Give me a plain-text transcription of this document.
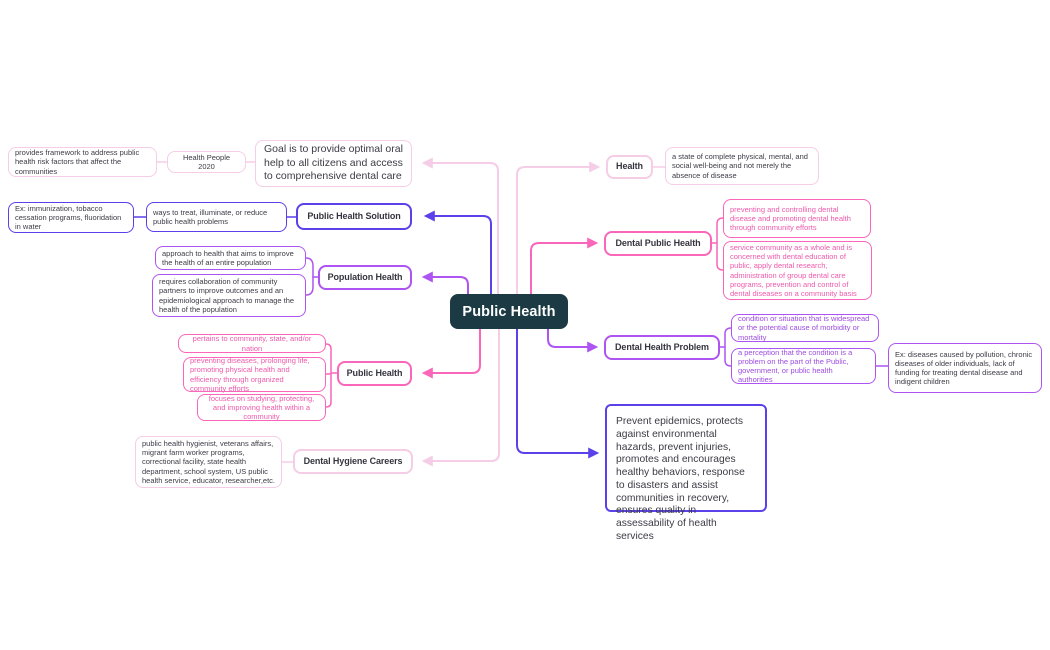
provides framework to address public health risk factors that affect the communities
Health People 2020
Goal is to provide optimal oral help to all citizens and access to comprehensive dental care
Ex: immunization, tobacco cessation programs, fluoridation in water
ways to treat, illuminate, or reduce public health problems
Public Health Solution
approach to health that aims to improve the health of an entire population
requires collaboration of community partners to improve outcomes and an epidemiological approach to manage the health of the population
Population Health
pertains to community, state, and/or nation
preventing diseases, prolonging life, promoting physical health and efficiency through organized community efforts
focuses on studying, protecting, and improving health within a community
Public Health
public health hygienist, veterans affairs, migrant farm worker programs, correctional facility, state health department, school system, US public health service, educator, researcher,etc.
Dental Hygiene Careers
Public Health
Health
a state of complete physical, mental, and social well-being and not merely the absence of disease
Dental Public Health
preventing and controlling dental disease and promoting dental health through community efforts
service community as a whole and is concerned with dental education of public, apply dental research, administration of group dental care programs, prevention and control of dental diseases on a community basis
Dental Health Problem
condition or situation that is widespread or the potential cause of morbidity or mortality
a perception that the condition is a problem on the part of the Public, government, or public health authorities
Ex: diseases caused by pollution, chronic diseases of older individuals, lack of funding for treating dental disease and indigent children
Prevent epidemics, protects against environmental hazards, prevent injuries, promotes and encourages healthy behaviors, response to disasters and assist communities in recovery, ensures quality in assessability of health services
